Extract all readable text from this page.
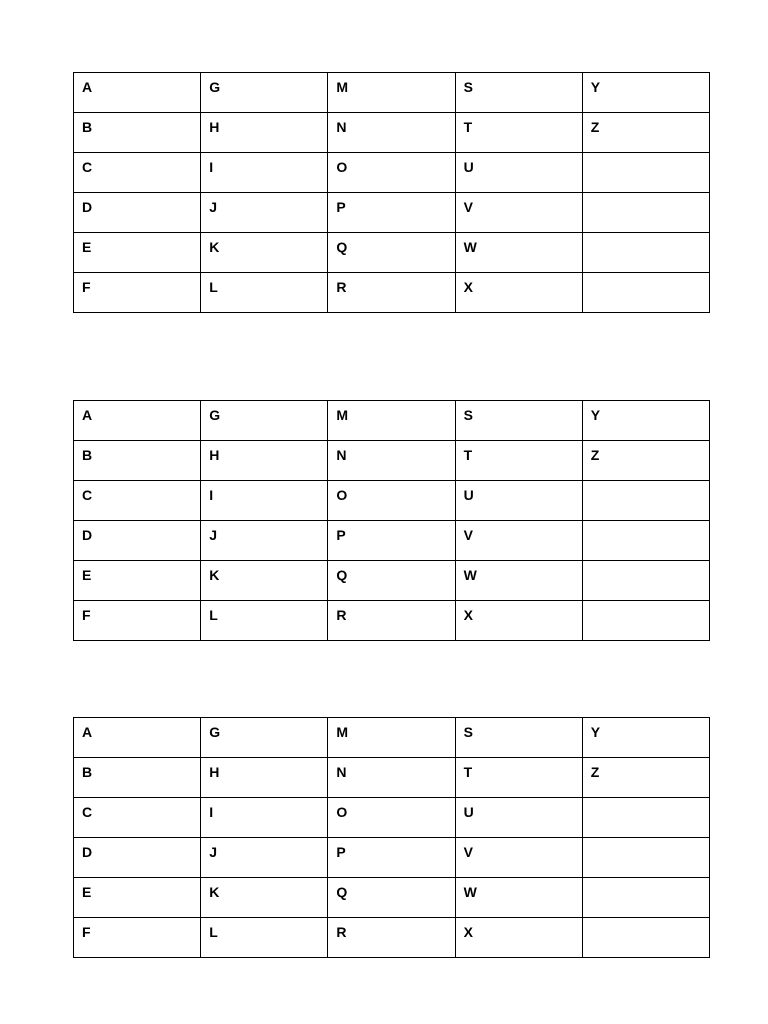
A	G	M	S	Y

B	H	N	T	Z

C	I	O	U	

D	J	P	V	

E	K	Q	W	

F	L	R	X	

A	G	M	S	Y

B	H	N	T	Z

C	I	O	U	

D	J	P	V	

E	K	Q	W	

F	L	R	X	

A	G	M	S	Y

B	H	N	T	Z

C	I	O	U	

D	J	P	V	

E	K	Q	W	

F	L	R	X	
